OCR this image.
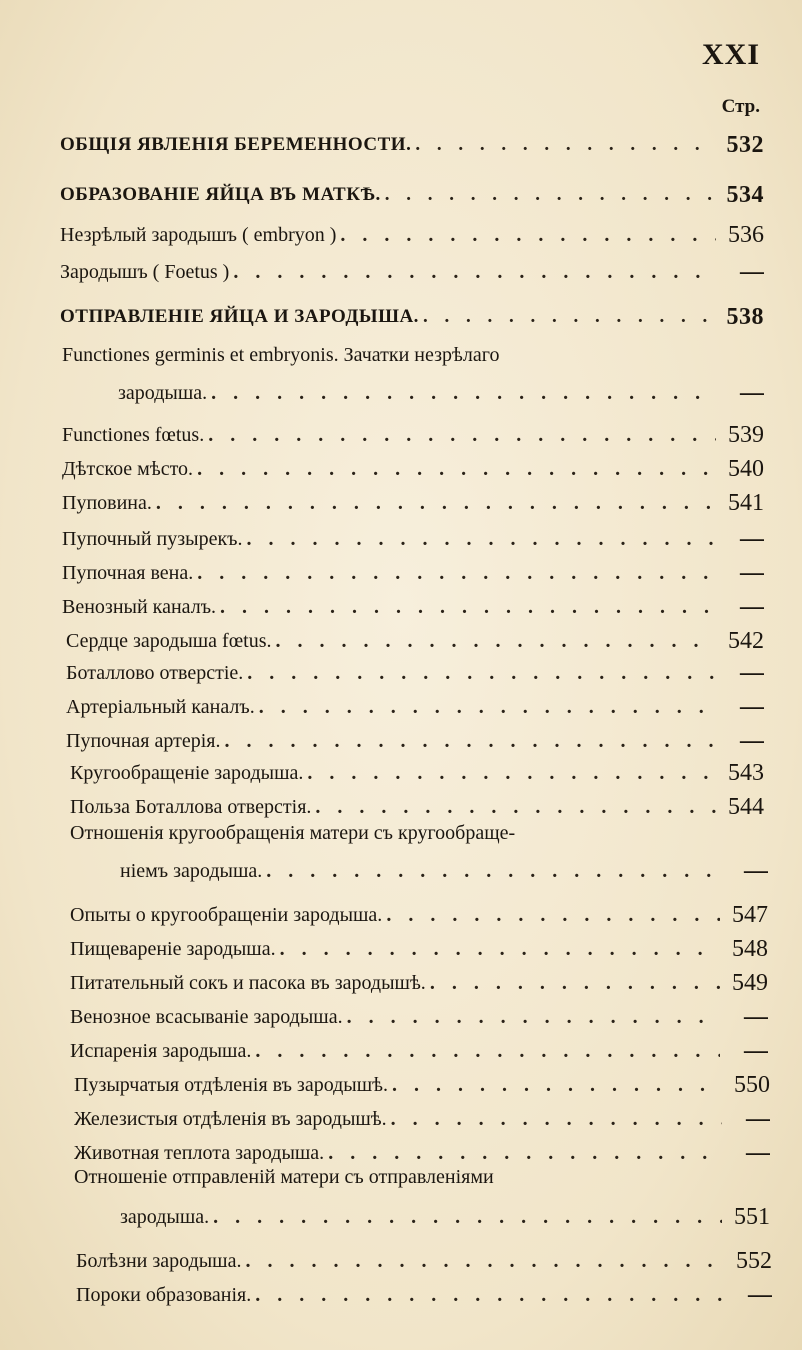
XXI
Стр.
ОБЩIЯ ЯВЛЕНIЯ БЕРЕМЕННОСТИ. . . .	532
ОБРАЗОВАНIЕ ЯЙЦА ВЪ МАТКѢ. . . .	534
Незрѣлый зародышъ ( embryon ) . . .	536
Зародышъ ( Foetus ) . . .	—
ОТПРАВЛЕНIЕ ЯЙЦА И ЗАРОДЫША. . . .	538
Functiones germinis et embryonis. Зачатки незрѣлаго
зародыша. . . .	—
Functiones fœtus. . . .	539
Дѣтское мѣсто. . . .	540
Пуповина. . . .	541
Пупочный пузырекъ. . . .	—
Пупочная вена. . . .	—
Венозный каналъ. . . .	—
Сердце зародыша fœtus. . . .	542
Боталлово отверстiе. . . .	—
Артерiальный каналъ. . . .	—
Пупочная артерiя. . . .	—
Кругообращенiе зародыша. . . .	543
Польза Боталлова отверстiя. . . .	544
Отношенiя кругообращенiя матери съ кругообраще-
нiемъ зародыша. . . .	—
Опыты о кругообращенiи зародыша. . . .	547
Пищеваренiе зародыша. . . .	548
Питательный сокъ и пасока въ зародышѣ. . . .	549
Венозное всасыванiе зародыша. . . .	—
Испаренiя зародыша. . . .	—
Пузырчатыя отдѣленiя въ зародышѣ. . . .	550
Железистыя отдѣленiя въ зародышѣ. . . .	—
Животная теплота зародыша. . . .	—
Отношенiе отправленiй матери съ отправленiями
зародыша. . . .	551
Болѣзни зародыша. . . .	552
Пороки образованiя. . . .	—
